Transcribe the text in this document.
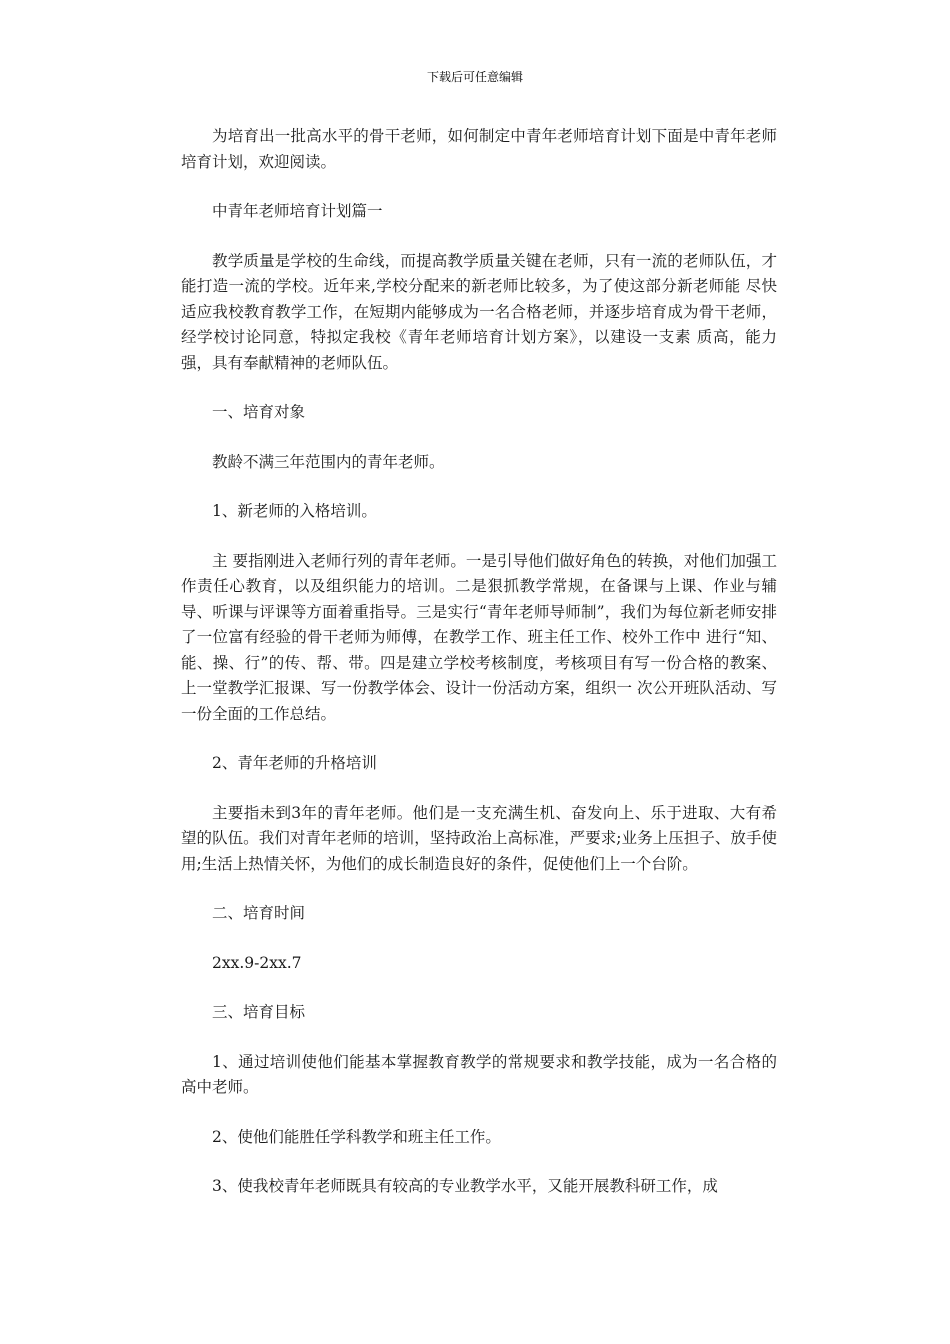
下载后可任意编辑

为培育出一批高水平的骨干老师，如何制定中青年老师培育计划下面是中青年老师培育计划，欢迎阅读。

中青年老师培育计划篇一

教学质量是学校的生命线，而提高教学质量关键在老师，只有一流的老师队伍，才能打造一流的学校。近年来,学校分配来的新老师比较多，为了使这部分新老师能 尽快适应我校教育教学工作，在短期内能够成为一名合格老师，并逐步培育成为骨干老师，经学校讨论同意，特拟定我校《青年老师培育计划方案》，以建设一支素 质高，能力强，具有奉献精神的老师队伍。

一、培育对象

教龄不满三年范围内的青年老师。

1、新老师的入格培训。

主 要指刚进入老师行列的青年老师。一是引导他们做好角色的转换，对他们加强工作责任心教育，以及组织能力的培训。二是狠抓教学常规，在备课与上课、作业与辅 导、听课与评课等方面着重指导。三是实行“青年老师导师制”，我们为每位新老师安排了一位富有经验的骨干老师为师傅，在教学工作、班主任工作、校外工作中 进行“知、能、操、行”的传、帮、带。四是建立学校考核制度，考核项目有写一份合格的教案、上一堂教学汇报课、写一份教学体会、设计一份活动方案，组织一 次公开班队活动、写一份全面的工作总结。

2、青年老师的升格培训

主要指未到3年的青年老师。他们是一支充满生机、奋发向上、乐于进取、大有希望的队伍。我们对青年老师的培训，坚持政治上高标准，严要求;业务上压担子、放手使用;生活上热情关怀，为他们的成长制造良好的条件，促使他们上一个台阶。

二、培育时间

2xx.9-2xx.7

三、培育目标

1、通过培训使他们能基本掌握教育教学的常规要求和教学技能，成为一名合格的高中老师。

2、使他们能胜任学科教学和班主任工作。

3、使我校青年老师既具有较高的专业教学水平，又能开展教科研工作，成
